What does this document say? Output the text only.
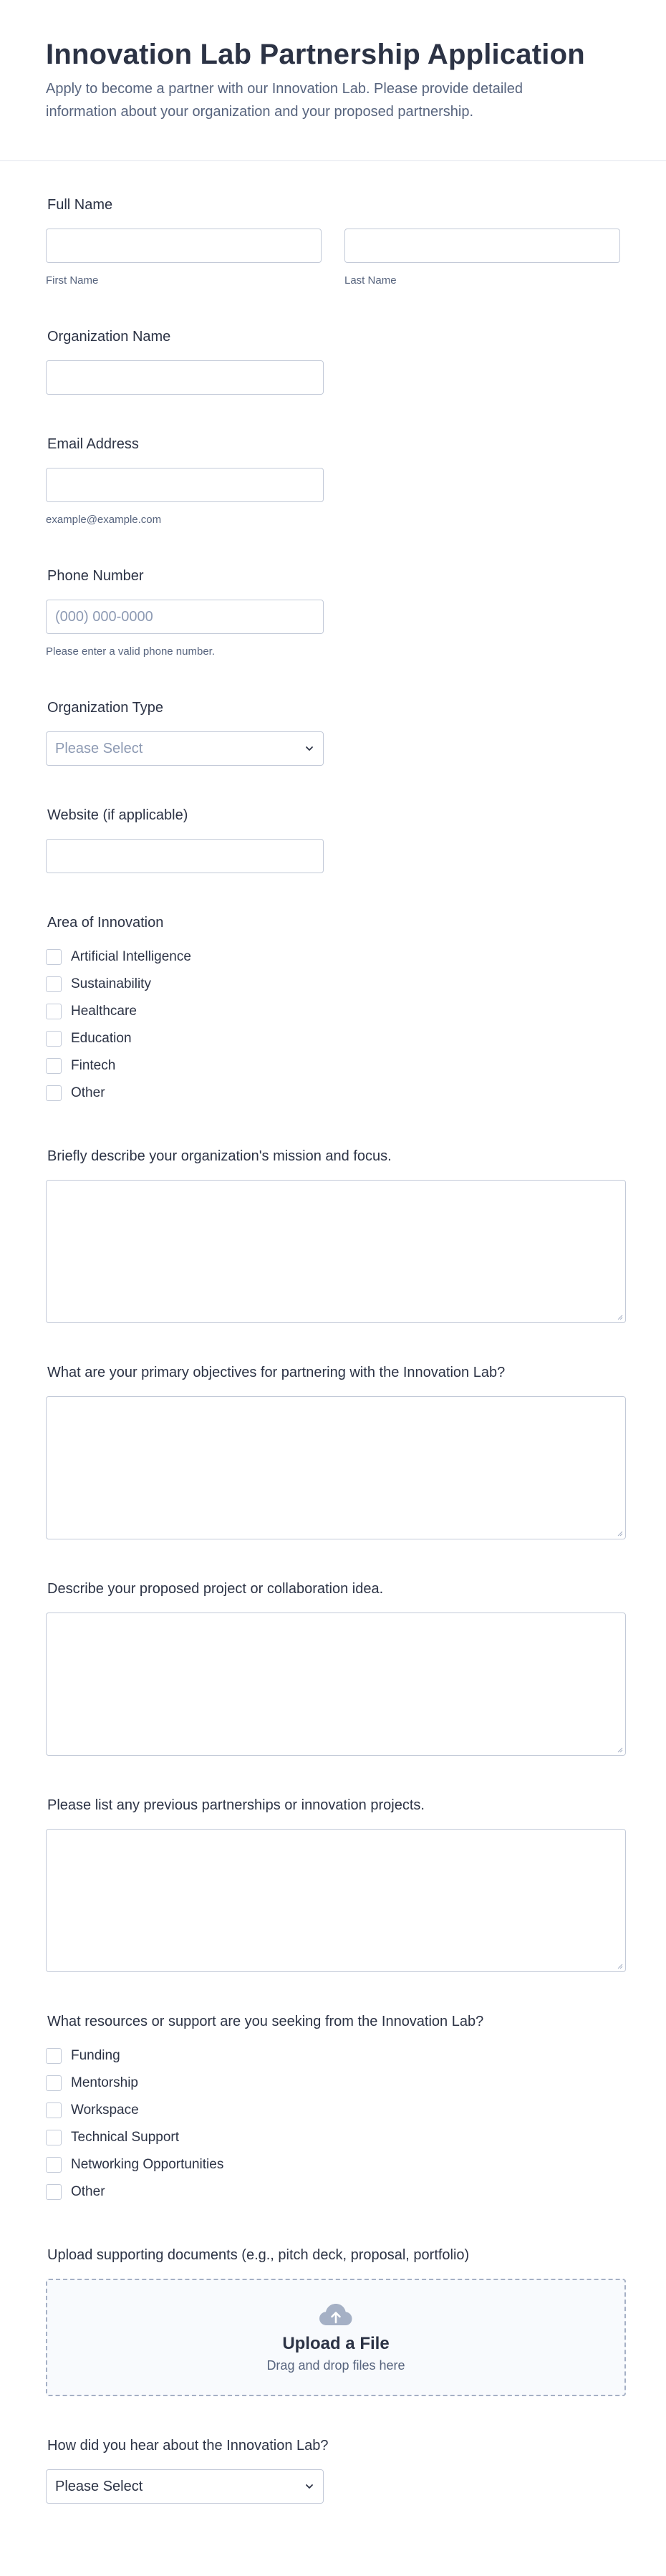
Innovation Lab Partnership Application

Apply to become a partner with our Innovation Lab. Please provide detailed information about your organization and your proposed partnership.

Full Name
First Name	Last Name
Organization Name
Email Address
example@example.com
Phone Number
(000) 000-0000
Please enter a valid phone number.
Organization Type
Please Select
Website (if applicable)
Area of Innovation
Artificial Intelligence
Sustainability
Healthcare
Education
Fintech
Other
Briefly describe your organization's mission and focus.
What are your primary objectives for partnering with the Innovation Lab?
Describe your proposed project or collaboration idea.
Please list any previous partnerships or innovation projects.
What resources or support are you seeking from the Innovation Lab?
Funding
Mentorship
Workspace
Technical Support
Networking Opportunities
Other
Upload supporting documents (e.g., pitch deck, proposal, portfolio)
Upload a File
Drag and drop files here
How did you hear about the Innovation Lab?
Please Select
